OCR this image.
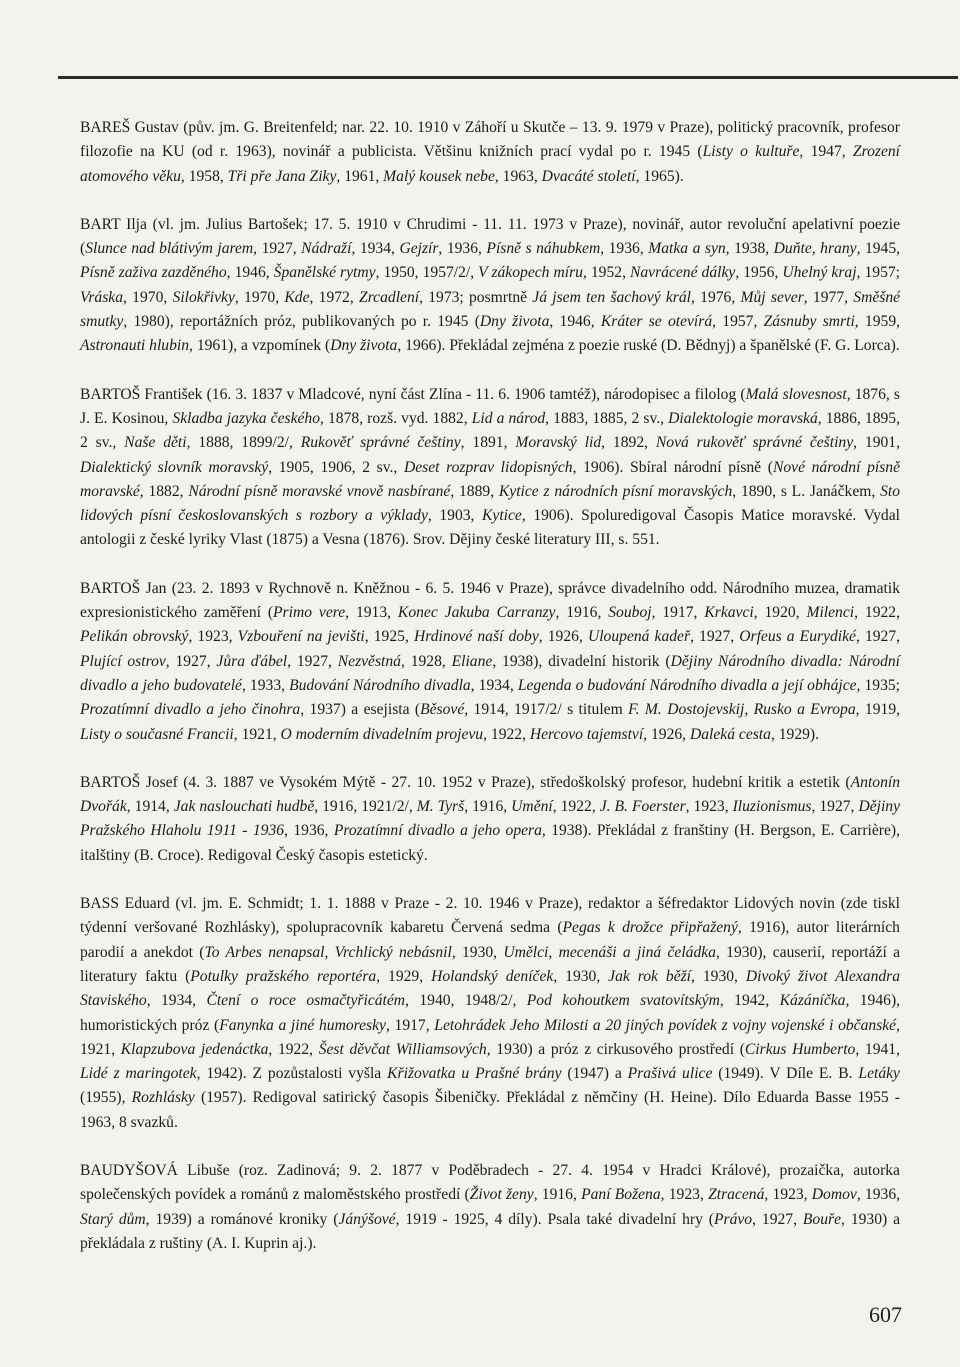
BAREŠ Gustav (pův. jm. G. Breitenfeld; nar. 22. 10. 1910 v Záhoří u Skutče – 13. 9. 1979 v Praze), politický pracovník, profesor filozofie na KU (od r. 1963), novinář a publicista. Většinu knižních prací vydal po r. 1945 (Listy o kultuře, 1947, Zrození atomového věku, 1958, Tři pře Jana Ziky, 1961, Malý kousek nebe, 1963, Dvacáté století, 1965).

BART Ilja (vl. jm. Julius Bartošek; 17. 5. 1910 v Chrudimi - 11. 11. 1973 v Praze), novinář, autor revoluční apelativní poezie (Slunce nad blátivým jarem, 1927, Nádraží, 1934, Gejzír, 1936, Písně s náhubkem, 1936, Matka a syn, 1938, Duňte, hrany, 1945, Písně zaživa zazděného, 1946, Španělské rytmy, 1950, 1957/2/, V zákopech míru, 1952, Navrácené dálky, 1956, Uhelný kraj, 1957; Vráska, 1970, Silokřivky, 1970, Kde, 1972, Zrcadlení, 1973; posmrtně Já jsem ten šachový král, 1976, Můj sever, 1977, Směšné smutky, 1980), reportážních próz, publikovaných po r. 1945 (Dny života, 1946, Kráter se otevírá, 1957, Zásnuby smrti, 1959, Astronauti hlubin, 1961), a vzpomínek (Dny života, 1966). Překládal zejména z poezie ruské (D. Bědnyj) a španělské (F. G. Lorca).

BARTOŠ František (16. 3. 1837 v Mladcové, nyní část Zlína - 11. 6. 1906 tamtéž), národopisec a filolog (Malá slovesnost, 1876, s J. E. Kosinou, Skladba jazyka českého, 1878, rozš. vyd. 1882, Lid a národ, 1883, 1885, 2 sv., Dialektologie moravská, 1886, 1895, 2 sv., Naše děti, 1888, 1899/2/, Rukověť správné češtiny, 1891, Moravský lid, 1892, Nová rukověť správné češtiny, 1901, Dialektický slovník moravský, 1905, 1906, 2 sv., Deset rozprav lidopisných, 1906). Sbíral národní písně (Nové národní písně moravské, 1882, Národní písně moravské vnově nasbírané, 1889, Kytice z národních písní moravských, 1890, s L. Janáčkem, Sto lidových písní českoslovanských s rozbory a výklady, 1903, Kytice, 1906). Spoluredigoval Časopis Matice moravské. Vydal antologii z české lyriky Vlast (1875) a Vesna (1876). Srov. Dějiny české literatury III, s. 551.

BARTOŠ Jan (23. 2. 1893 v Rychnově n. Kněžnou - 6. 5. 1946 v Praze), správce divadelního odd. Národního muzea, dramatik expresionistického zaměření (Primo vere, 1913, Konec Jakuba Carranzy, 1916, Souboj, 1917, Krkavci, 1920, Milenci, 1922, Pelikán obrovský, 1923, Vzbouření na jevišti, 1925, Hrdinové naší doby, 1926, Uloupená kadeř, 1927, Orfeus a Eurydiké, 1927, Plující ostrov, 1927, Jůra ďábel, 1927, Nezvěstná, 1928, Eliane, 1938), divadelní historik (Dějiny Národního divadla: Národní divadlo a jeho budovatelé, 1933, Budování Národního divadla, 1934, Legenda o budování Národního divadla a její obhájce, 1935; Prozatímní divadlo a jeho činohra, 1937) a esejista (Běsové, 1914, 1917/2/ s titulem F. M. Dostojevskij, Rusko a Evropa, 1919, Listy o současné Francii, 1921, O moderním divadelním projevu, 1922, Hercovo tajemství, 1926, Daleká cesta, 1929).

BARTOŠ Josef (4. 3. 1887 ve Vysokém Mýtě - 27. 10. 1952 v Praze), středoškolský profesor, hudební kritik a estetik (Antonín Dvořák, 1914, Jak naslouchati hudbě, 1916, 1921/2/, M. Tyrš, 1916, Umění, 1922, J. B. Foerster, 1923, Iluzionismus, 1927, Dějiny Pražského Hlaholu 1911 - 1936, 1936, Prozatímní divadlo a jeho opera, 1938). Překládal z franštiny (H. Bergson, E. Carrière), italštiny (B. Croce). Redigoval Český časopis estetický.

BASS Eduard (vl. jm. E. Schmidt; 1. 1. 1888 v Praze - 2. 10. 1946 v Praze), redaktor a šéfredaktor Lidových novin (zde tiskl týdenní veršované Rozhlásky), spolupracovník kabaretu Červená sedma (Pegas k drožce připřažený, 1916), autor literárních parodií a anekdot (To Arbes nenapsal, Vrchlický nebásnil, 1930, Umělci, mecenáši a jiná čeládka, 1930), causerií, reportáží a literatury faktu (Potulky pražského reportéra, 1929, Holandský deníček, 1930, Jak rok běží, 1930, Divoký život Alexandra Staviského, 1934, Čtení o roce osmačtyřicátém, 1940, 1948/2/, Pod kohoutkem svatovítským, 1942, Kázáníčka, 1946), humoristických próz (Fanynka a jiné humoresky, 1917, Letohrádek Jeho Milosti a 20 jiných povídek z vojny vojenské i občanské, 1921, Klapzubova jedenáctka, 1922, Šest děvčat Williamsových, 1930) a próz z cirkusového prostředí (Cirkus Humberto, 1941, Lidé z maringotek, 1942). Z pozůstalosti vyšla Křižovatka u Prašné brány (1947) a Prašivá ulice (1949). V Díle E. B. Letáky (1955), Rozhlásky (1957). Redigoval satirický časopis Šibeničky. Překládal z němčiny (H. Heine). Dílo Eduarda Basse 1955 - 1963, 8 svazků.

BAUDYŠOVÁ Libuše (roz. Zadinová; 9. 2. 1877 v Poděbradech - 27. 4. 1954 v Hradci Králové), prozaička, autorka společenských povídek a románů z maloměstského prostředí (Život ženy, 1916, Paní Božena, 1923, Ztracená, 1923, Domov, 1936, Starý dům, 1939) a románové kroniky (Jánýšové, 1919 - 1925, 4 díly). Psala také divadelní hry (Právo, 1927, Bouře, 1930) a překládala z ruštiny (A. I. Kuprin aj.).

607
